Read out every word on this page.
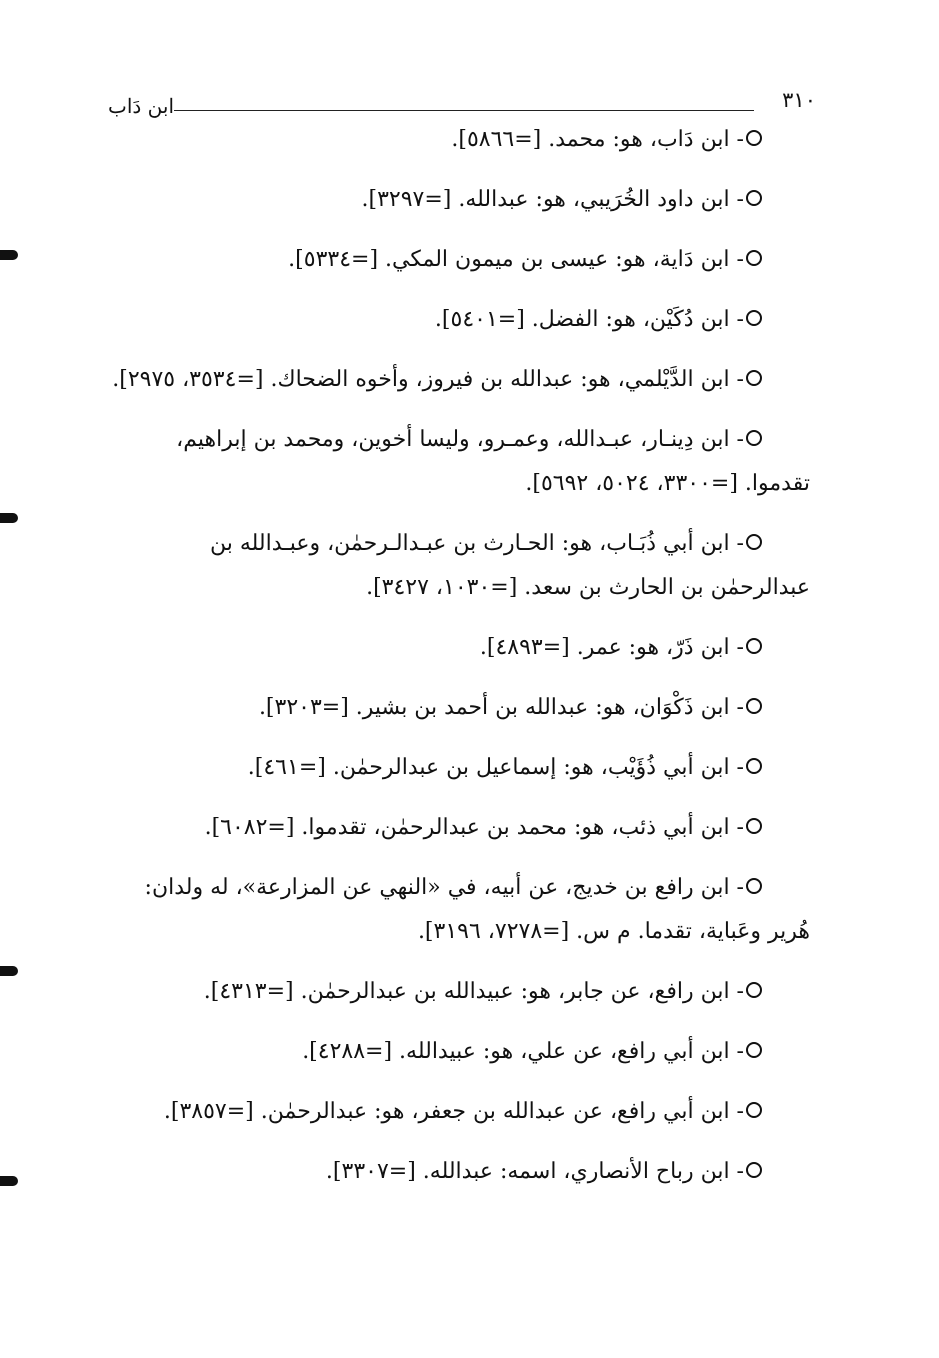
٣١٠
ابن دَاب

- ابن دَاب، هو: محمد. [=٥٨٦٦].

- ابن داود الخُرَيبي، هو: عبدالله. [=٣٢٩٧].

- ابن دَاية، هو: عيسى بن ميمون المكي. [=٥٣٣٤].

- ابن دُكَيْن، هو: الفضل. [=٥٤٠١].

- ابن الدَّيْلمي، هو: عبدالله بن فيروز، وأخوه الضحاك. [=٣٥٣٤، ٢٩٧٥].

- ابن دِينـار، عبـدالله، وعمـرو، وليسا أخوين، ومحمد بن إبراهيم، تقدموا. [=٣٣٠٠، ٥٠٢٤، ٥٦٩٢].

- ابن أبي ذُبَـاب، هو: الحـارث بن عبـدالـرحمٰن، وعبـدالله بن عبدالرحمٰن بن الحارث بن سعد. [=١٠٣٠، ٣٤٢٧].

- ابن ذَرّ، هو: عمر. [=٤٨٩٣].

- ابن ذَكْوَان، هو: عبدالله بن أحمد بن بشير. [=٣٢٠٣].

- ابن أبي ذُؤَيْب، هو: إسماعيل بن عبدالرحمٰن. [=٤٦١].

- ابن أبي ذئب، هو: محمد بن عبدالرحمٰن، تقدموا. [=٦٠٨٢].

- ابن رافع بن خديج، عن أبيه، في «النهي عن المزارعة»، له ولدان: هُرير وعَباية، تقدما. م س. [=٧٢٧٨، ٣١٩٦].

- ابن رافع، عن جابر، هو: عبيدالله بن عبدالرحمٰن. [=٤٣١٣].

- ابن أبي رافع، عن علي، هو: عبيدالله. [=٤٢٨٨].

- ابن أبي رافع، عن عبدالله بن جعفر، هو: عبدالرحمٰن. [=٣٨٥٧].

- ابن رباح الأنصاري، اسمه: عبدالله. [=٣٣٠٧].
